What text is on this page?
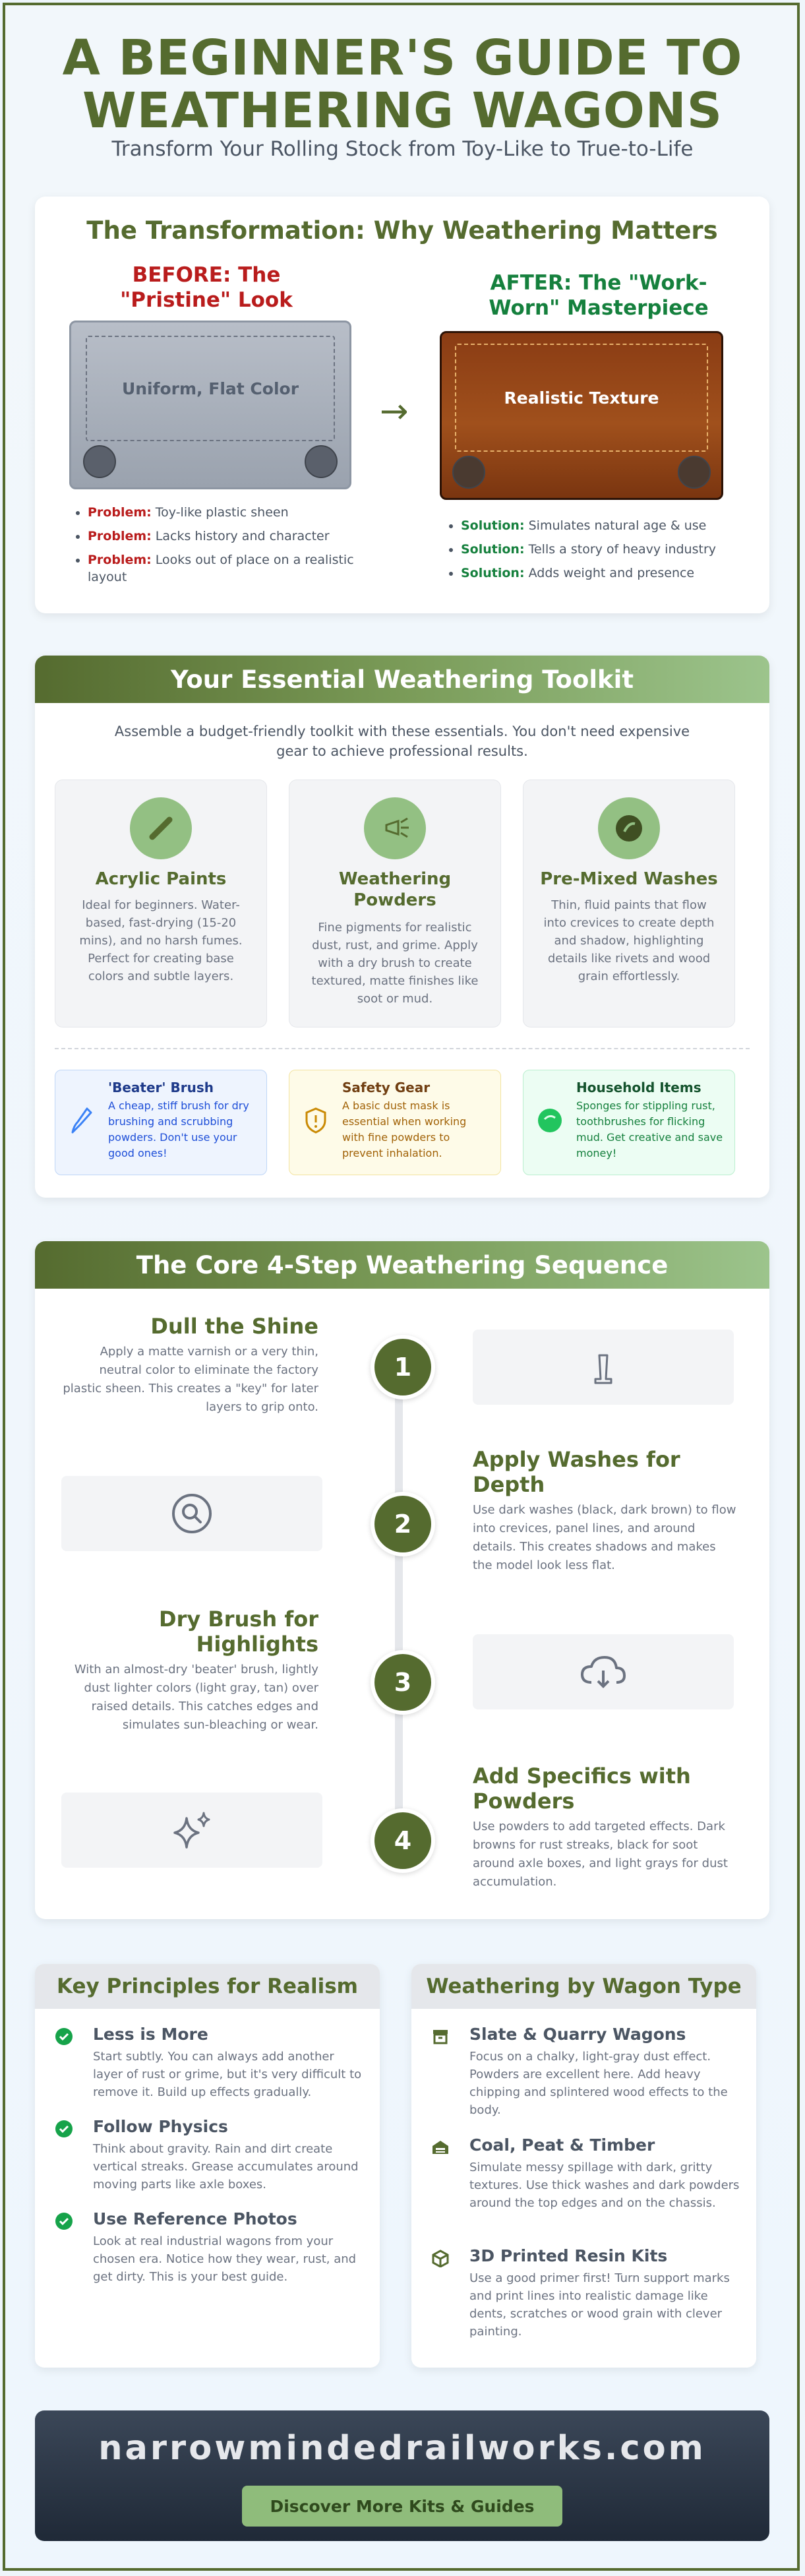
A BEGINNER'S GUIDE TO
WEATHERING WAGONS

Transform Your Rolling Stock from Toy-Like to True-to-Life

The Transformation: Why Weathering Matters
BEFORE: The "Pristine" Look
Uniform, Flat Color
• Problem: Toy-like plastic sheen
• Problem: Lacks history and character
• Problem: Looks out of place on a realistic layout
→
AFTER: The "Work-Worn" Masterpiece
Realistic Texture
• Solution: Simulates natural age & use
• Solution: Tells a story of heavy industry
• Solution: Adds weight and presence
Your Essential Weathering Toolkit
Assemble a budget-friendly toolkit with these essentials. You don't need expensive gear to achieve professional results.
Acrylic Paints

Ideal for beginners. Water-based, fast-drying (15-20 mins), and no harsh fumes. Perfect for creating base colors and subtle layers.

Weathering Powders

Fine pigments for realistic dust, rust, and grime. Apply with a dry brush to create textured, matte finishes like soot or mud.

Pre-Mixed Washes

Thin, fluid paints that flow into crevices to create depth and shadow, highlighting details like rivets and wood grain effortlessly.

'Beater' Brush

A cheap, stiff brush for dry brushing and scrubbing powders. Don't use your good ones!

Safety Gear

A basic dust mask is essential when working with fine powders to prevent inhalation.

Household Items

Sponges for stippling rust, toothbrushes for flicking mud. Get creative and save money!

The Core 4-Step Weathering Sequence
Dull the Shine

Apply a matte varnish or a very thin, neutral color to eliminate the factory plastic sheen. This creates a "key" for later layers to grip onto.

1
2
Apply Washes for Depth

Use dark washes (black, dark brown) to flow into crevices, panel lines, and around details. This creates shadows and makes the model look less flat.

Dry Brush for Highlights

With an almost-dry 'beater' brush, lightly dust lighter colors (light gray, tan) over raised details. This catches edges and simulates sun-bleaching or wear.

3
4
Add Specifics with Powders

Use powders to add targeted effects. Dark browns for rust streaks, black for soot around axle boxes, and light grays for dust accumulation.

Key Principles for Realism
Less is More

Start subtly. You can always add another layer of rust or grime, but it's very difficult to remove it. Build up effects gradually.

Follow Physics

Think about gravity. Rain and dirt create vertical streaks. Grease accumulates around moving parts like axle boxes.

Use Reference Photos

Look at real industrial wagons from your chosen era. Notice how they wear, rust, and get dirty. This is your best guide.

Weathering by Wagon Type
Slate & Quarry Wagons

Focus on a chalky, light-gray dust effect. Powders are excellent here. Add heavy chipping and splintered wood effects to the body.

Coal, Peat & Timber

Simulate messy spillage with dark, gritty textures. Use thick washes and dark powders around the top edges and on the chassis.

3D Printed Resin Kits

Use a good primer first! Turn support marks and print lines into realistic damage like dents, scratches or wood grain with clever painting.

narrowmindedrailworks.com
Discover More Kits & Guides
